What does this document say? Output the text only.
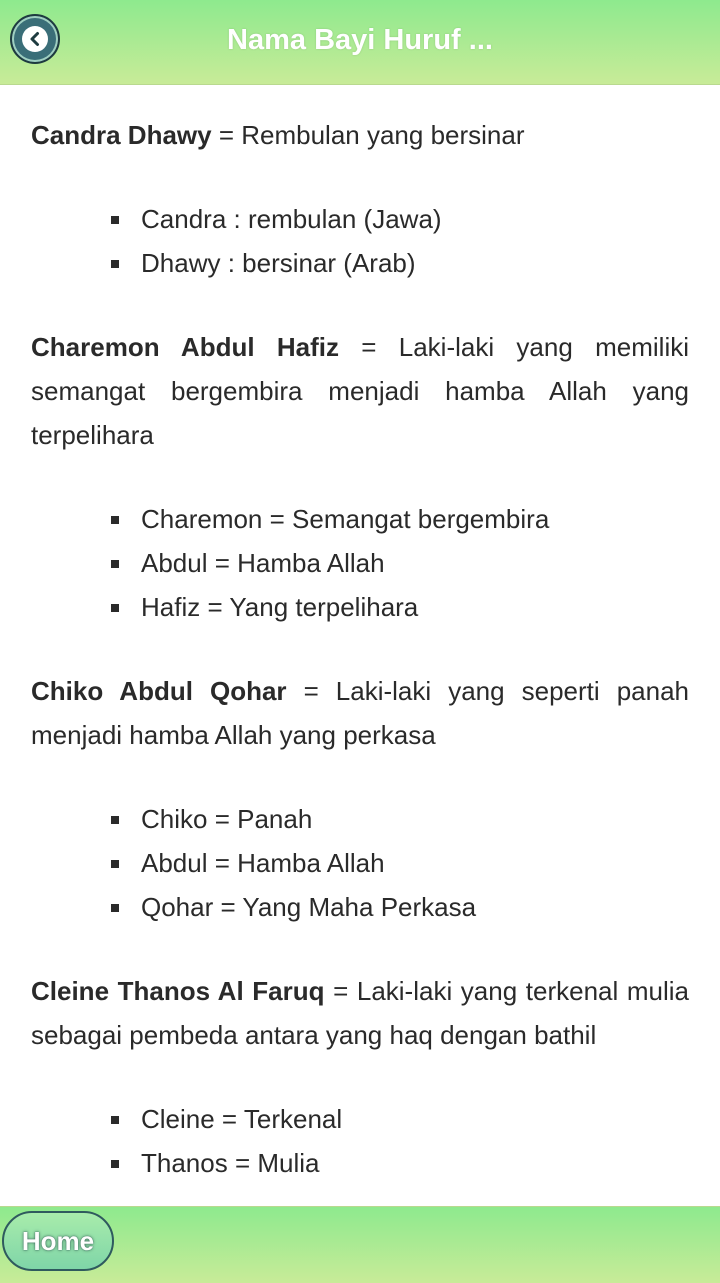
Nama Bayi Huruf ...

Candra Dhawy = Rembulan yang bersinar

Candra : rembulan (Jawa)
Dhawy : bersinar (Arab)

Charemon Abdul Hafiz = Laki-laki yang memiliki semangat bergembira menjadi hamba Allah yang terpelihara

Charemon = Semangat bergembira
Abdul = Hamba Allah
Hafiz = Yang terpelihara

Chiko Abdul Qohar = Laki-laki yang seperti panah menjadi hamba Allah yang perkasa

Chiko = Panah
Abdul = Hamba Allah
Qohar = Yang Maha Perkasa

Cleine Thanos Al Faruq = Laki-laki yang terkenal mulia sebagai pembeda antara yang haq dengan bathil

Cleine = Terkenal
Thanos = Mulia
Home
